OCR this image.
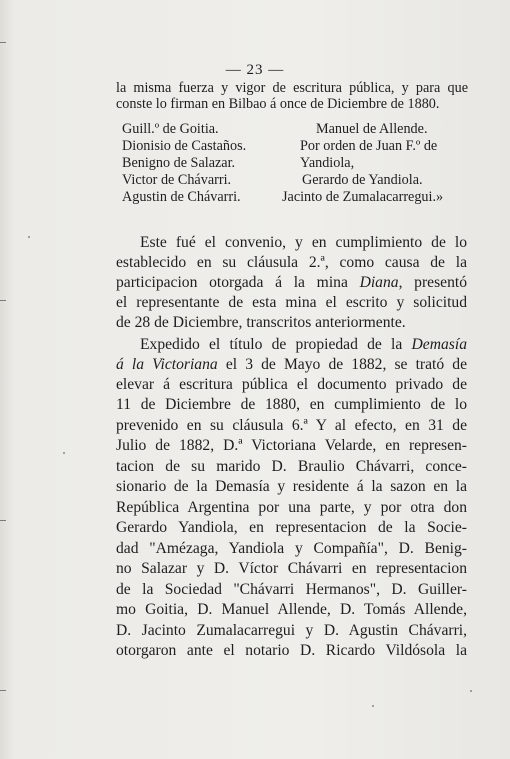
— 23 —
la misma fuerza y vigor de escritura pública, y para que
conste lo firman en Bilbao á once de Diciembre de 1880.
Guill.º de Goitia.
Dionisio de Castaños.
Benigno de Salazar.
Victor de Chávarri.
Agustin de Chávarri.
Manuel de Allende.
Por orden de Juan F.º de
Yandiola,
Gerardo de Yandiola.
Jacinto de Zumalacarregui.»
Este fué el convenio, y en cumplimiento de lo
establecido en su cláusula 2.ª, como causa de la
participacion otorgada á la mina Diana, presentó
el representante de esta mina el escrito y solicitud
de 28 de Diciembre, transcritos anteriormente.
Expedido el título de propiedad de la Demasía
á la Victoriana el 3 de Mayo de 1882, se trató de
elevar á escritura pública el documento privado de
11 de Diciembre de 1880, en cumplimiento de lo
prevenido en su cláusula 6.ª Y al efecto, en 31 de
Julio de 1882, D.ª Victoriana Velarde, en represen-
tacion de su marido D. Braulio Chávarri, conce-
sionario de la Demasía y residente á la sazon en la
República Argentina por una parte, y por otra don
Gerardo Yandiola, en representacion de la Socie-
dad "Amézaga, Yandiola y Compañía", D. Benig-
no Salazar y D. Víctor Chávarri en representacion
de la Sociedad "Chávarri Hermanos", D. Guiller-
mo Goitia, D. Manuel Allende, D. Tomás Allende,
D. Jacinto Zumalacarregui y D. Agustin Chávarri,
otorgaron ante el notario D. Ricardo Vildósola la
